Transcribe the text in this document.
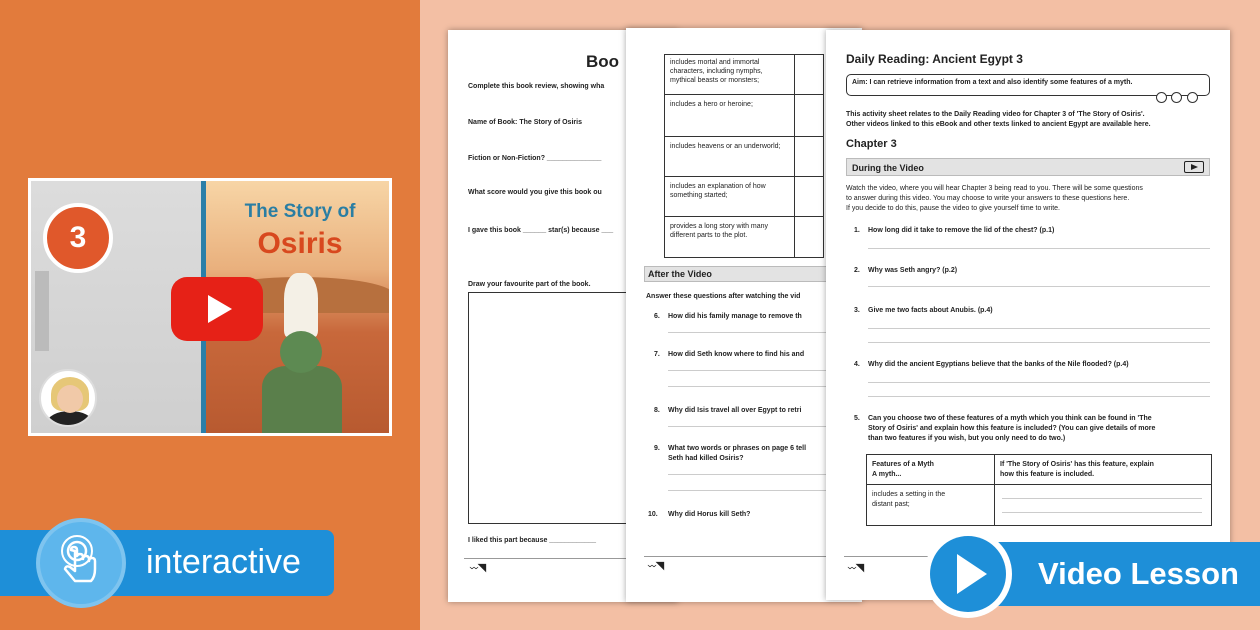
The Story of
Osiris
3
interactive
Boo
Complete this book review, showing wha
Name of Book: The Story of Osiris
Fiction or Non-Fiction? ______________
What score would you give this book ou
I gave this book ______ star(s) because ___
Draw your favourite part of the book.
I liked this part because ____________
〰◥
includes mortal and immortal characters, including nymphs, mythical beasts or monsters;
includes a hero or heroine;
includes heavens or an underworld;
includes an explanation of how something started;
provides a long story with many different parts to the plot.
After the Video
Answer these questions after watching the vid
6. How did his family manage to remove th
7. How did Seth know where to find his and
8. Why did Isis travel all over Egypt to retri
9. What two words or phrases on page 6 tell
Seth had killed Osiris?
10. Why did Horus kill Seth?
〰◥
Daily Reading: Ancient Egypt 3
Aim: I can retrieve information from a text and also identify some features of a myth.

This activity sheet relates to the Daily Reading video for Chapter 3 of 'The Story of Osiris'.
Other videos linked to this eBook and other texts linked to ancient Egypt are available here.
Chapter 3
During the Video
Watch the video, where you will hear Chapter 3 being read to you. There will be some questions
to answer during this video. You may choose to write your answers to these questions here.
If you decide to do this, pause the video to give yourself time to write.
1. How long did it take to remove the lid of the chest? (p.1)
2. Why was Seth angry? (p.2)
3. Give me two facts about Anubis. (p.4)
4. Why did the ancient Egyptians believe that the banks of the Nile flooded? (p.4)
5. Can you choose two of these features of a myth which you think can be found in 'The
Story of Osiris' and explain how this feature is included? (You can give details of more
than two features if you wish, but you only need to do two.)
Features of a Myth
A myth...
If 'The Story of Osiris' has this feature, explain
how this feature is included.
includes a setting in the
distant past;
〰◥	Video Lesson
